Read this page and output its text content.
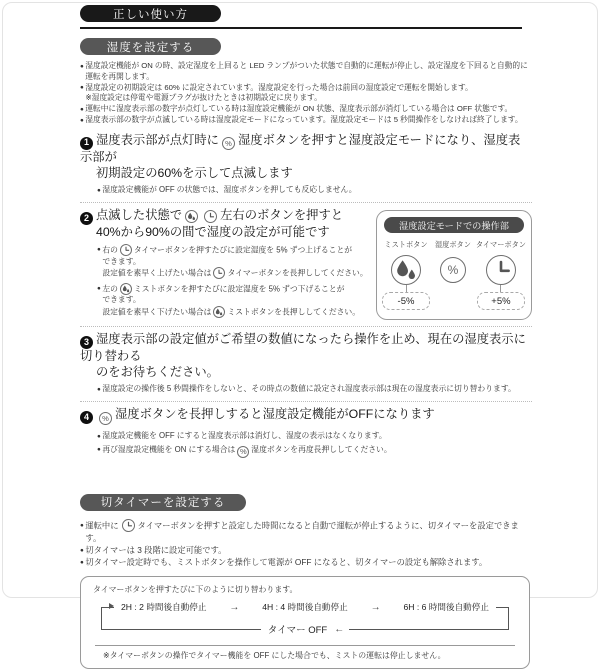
正しい使い方
湿度を設定する
● 湿度設定機能が ON の時、設定湿度を上回ると LED ランプがついた状態で自動的に運転が停止し、設定湿度を下回ると自動的に運転を再開します。
● 湿度設定の初期設定は 60% に設定されています。湿度設定を行った場合は前回の湿度設定で運転を開始します。
※湿度設定は停電や電源プラグが抜けたときは初期設定に戻ります。
● 運転中に湿度表示部の数字が点灯している時は湿度設定機能が ON 状態、湿度表示部が消灯している場合は OFF 状態です。
● 湿度表示部の数字が点滅している時は湿度設定モードになっています。湿度設定モードは 5 秒間操作をしなければ終了します。
1 湿度表示部が点灯時に % 湿度ボタンを押すと湿度設定モードになり、湿度表示部が
初期設定の60%を示して点滅します
● 湿度設定機能が OFF の状態では、湿度ボタンを押しても反応しません。
2 点滅した状態で	左右のボタンを押すと
40%から90%の間で湿度の設定が可能です
● 右の タイマーボタンを押すたびに設定湿度を 5% ずつ上げることが
できます。
設定値を素早く上げたい場合は タイマーボタンを長押ししてください。
● 左の ミストボタンを押すたびに設定湿度を 5% ずつ下げることが
できます。
設定値を素早く下げたい場合は ミストボタンを長押ししてください。
湿度設定モードでの操作部
ミストボタン
-5%
湿度ボタン
%
タイマーボタン
+5%
3 湿度表示部の設定値がご希望の数値になったら操作を止め、現在の湿度表示に切り替わる
のをお待ちください。
● 湿度設定の操作後 5 秒間操作をしないと、その時点の数値に設定され湿度表示部は現在の湿度表示に切り替わります。
4 % 湿度ボタンを長押しすると湿度設定機能がOFFになります
● 湿度設定機能を OFF にすると湿度表示部は消灯し、湿度の表示はなくなります。
● 再び湿度設定機能を ON にする場合は % 湿度ボタンを再度長押ししてください。
切タイマーを設定する
● 運転中に タイマーボタンを押すと設定した時間になると自動で運転が停止するように、切タイマーを設定できます。
● 切タイマーは 3 段階に設定可能です。
● 切タイマー設定時でも、ミストボタンを操作して電源が OFF になると、切タイマーの設定も解除されます。
タイマーボタンを押すたびに下のように切り替わります。
2H : 2 時間後自動停止 →	4H : 4 時間後自動停止 →	6H : 6 時間後自動停止
タイマー OFF ←
※タイマーボタンの操作でタイマー機能を OFF にした場合でも、ミストの運転は停止しません。
